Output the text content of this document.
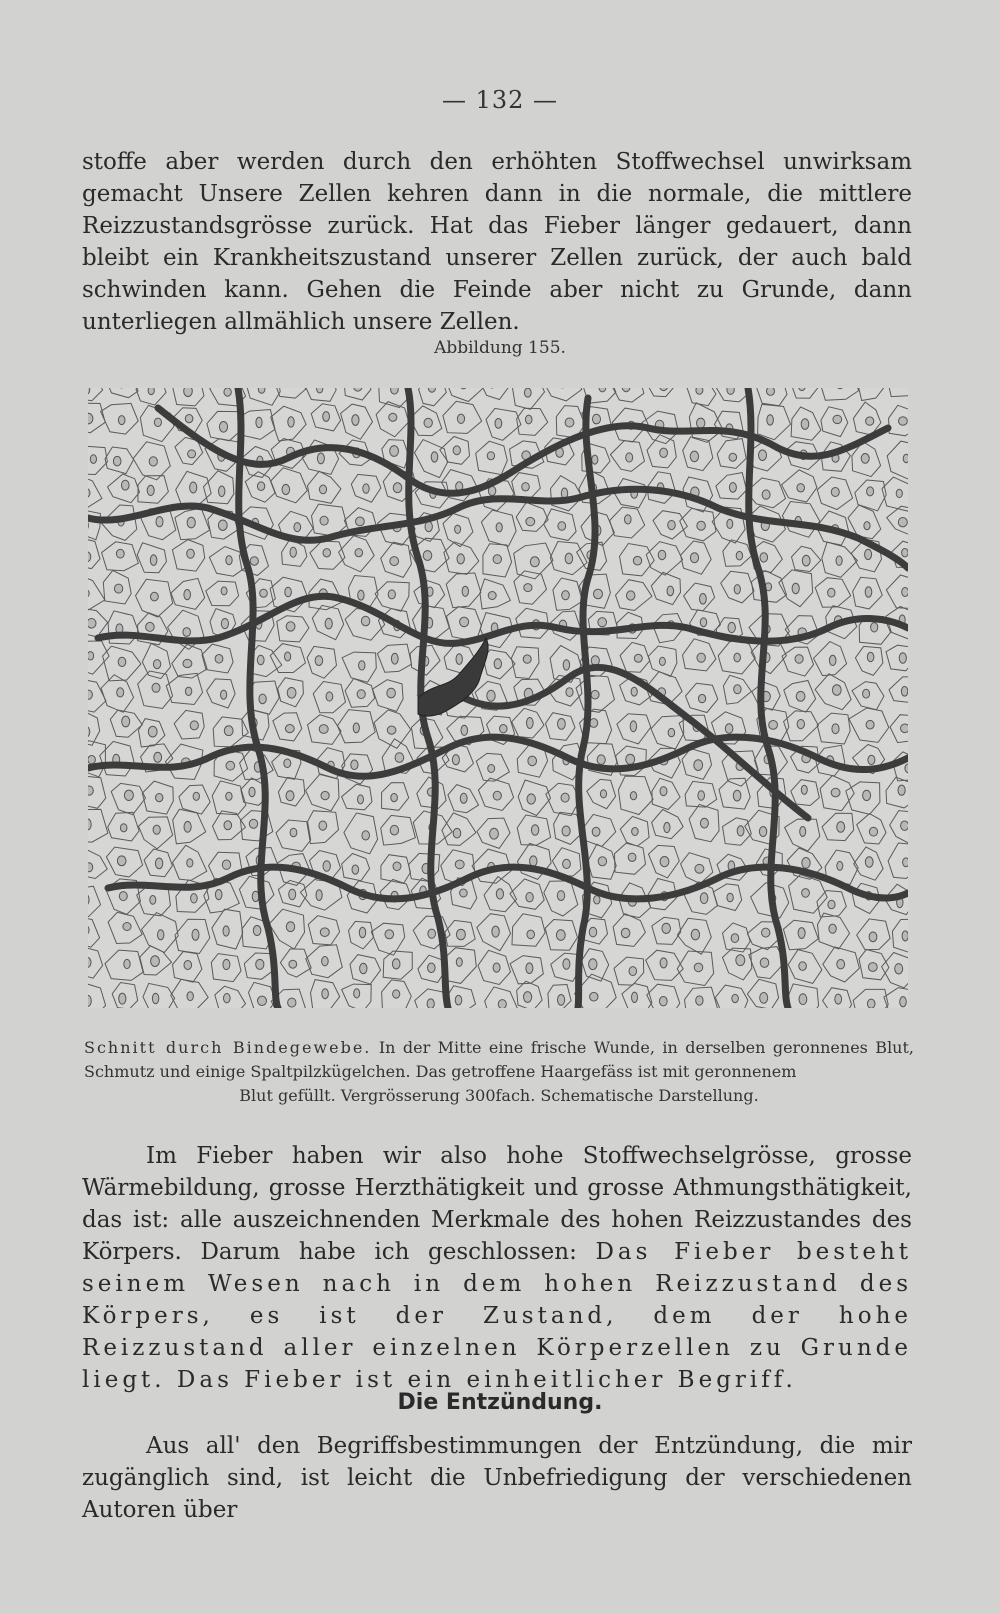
— 132 —

stoffe aber werden durch den erhöhten Stoffwechsel unwirksam gemacht Unsere Zellen kehren dann in die normale, die mittlere Reizzustandsgrösse zurück. Hat das Fieber länger gedauert, dann bleibt ein Krankheitszustand unserer Zellen zurück, der auch bald schwinden kann. Gehen die Feinde aber nicht zu Grunde, dann unterliegen allmählich unsere Zellen.

Abbildung 155.

Schnitt durch Bindegewebe. In der Mitte eine frische Wunde, in derselben geronnenes Blut, Schmutz und einige Spaltpilzkügelchen. Das getroffene Haargefäss ist mit geronnenem
Blut gefüllt. Vergrösserung 300fach. Schematische Darstellung.

Im Fieber haben wir also hohe Stoffwechselgrösse, grosse Wärmebildung, grosse Herzthätigkeit und grosse Athmungsthätigkeit, das ist: alle auszeichnenden Merkmale des hohen Reizzustandes des Körpers. Darum habe ich geschlossen: Das Fieber besteht seinem Wesen nach in dem hohen Reizzustand des Körpers, es ist der Zustand, dem der hohe Reizzustand aller einzelnen Körperzellen zu Grunde liegt. Das Fieber ist ein einheitlicher Begriff.

Die Entzündung.

Aus all' den Begriffsbestimmungen der Entzündung, die mir zugänglich sind, ist leicht die Unbefriedigung der verschiedenen Autoren über
